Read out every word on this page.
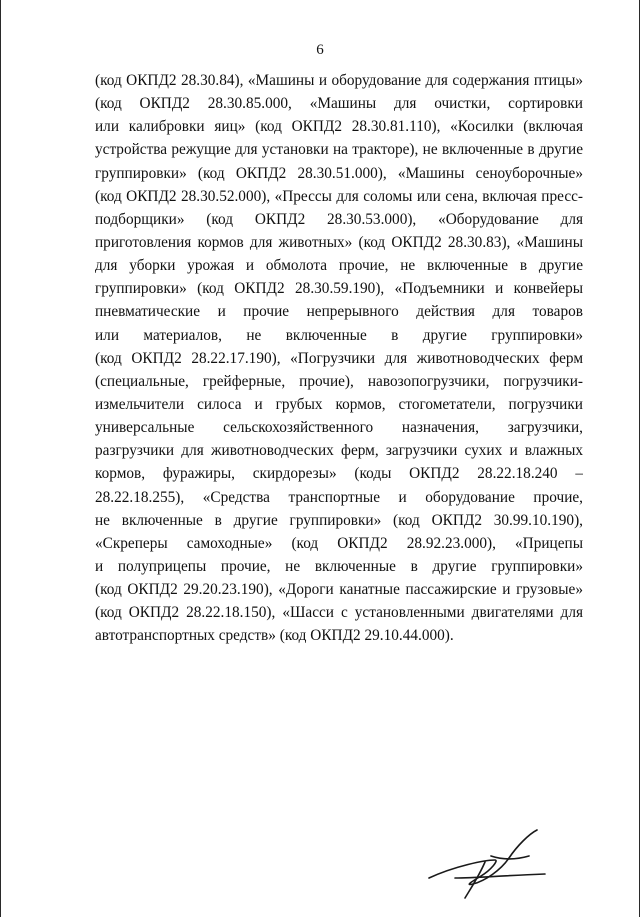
6
(код ОКПД2 28.30.84), «Машины и оборудование для содержания птицы»
(код ОКПД2 28.30.85.000, «Машины для очистки, сортировки
или калибровки яиц» (код ОКПД2 28.30.81.110), «Косилки (включая
устройства режущие для установки на тракторе), не включенные в другие
группировки» (код ОКПД2 28.30.51.000), «Машины сеноуборочные»
(код ОКПД2 28.30.52.000), «Прессы для соломы или сена, включая пресс-
подборщики» (код ОКПД2 28.30.53.000), «Оборудование для
приготовления кормов для животных» (код ОКПД2 28.30.83), «Машины
для уборки урожая и обмолота прочие, не включенные в другие
группировки» (код ОКПД2 28.30.59.190), «Подъемники и конвейеры
пневматические и прочие непрерывного действия для товаров
или материалов, не включенные в другие группировки»
(код ОКПД2 28.22.17.190), «Погрузчики для животноводческих ферм
(специальные, грейферные, прочие), навозопогрузчики, погрузчики-
измельчители силоса и грубых кормов, стогометатели, погрузчики
универсальные сельскохозяйственного назначения, загрузчики,
разгрузчики для животноводческих ферм, загрузчики сухих и влажных
кормов, фуражиры, скирдорезы» (коды ОКПД2 28.22.18.240 –
28.22.18.255), «Средства транспортные и оборудование прочие,
не включенные в другие группировки» (код ОКПД2 30.99.10.190),
«Скреперы самоходные» (код ОКПД2 28.92.23.000), «Прицепы
и полуприцепы прочие, не включенные в другие группировки»
(код ОКПД2 29.20.23.190), «Дороги канатные пассажирские и грузовые»
(код ОКПД2 28.22.18.150), «Шасси с установленными двигателями для
автотранспортных средств» (код ОКПД2 29.10.44.000).
